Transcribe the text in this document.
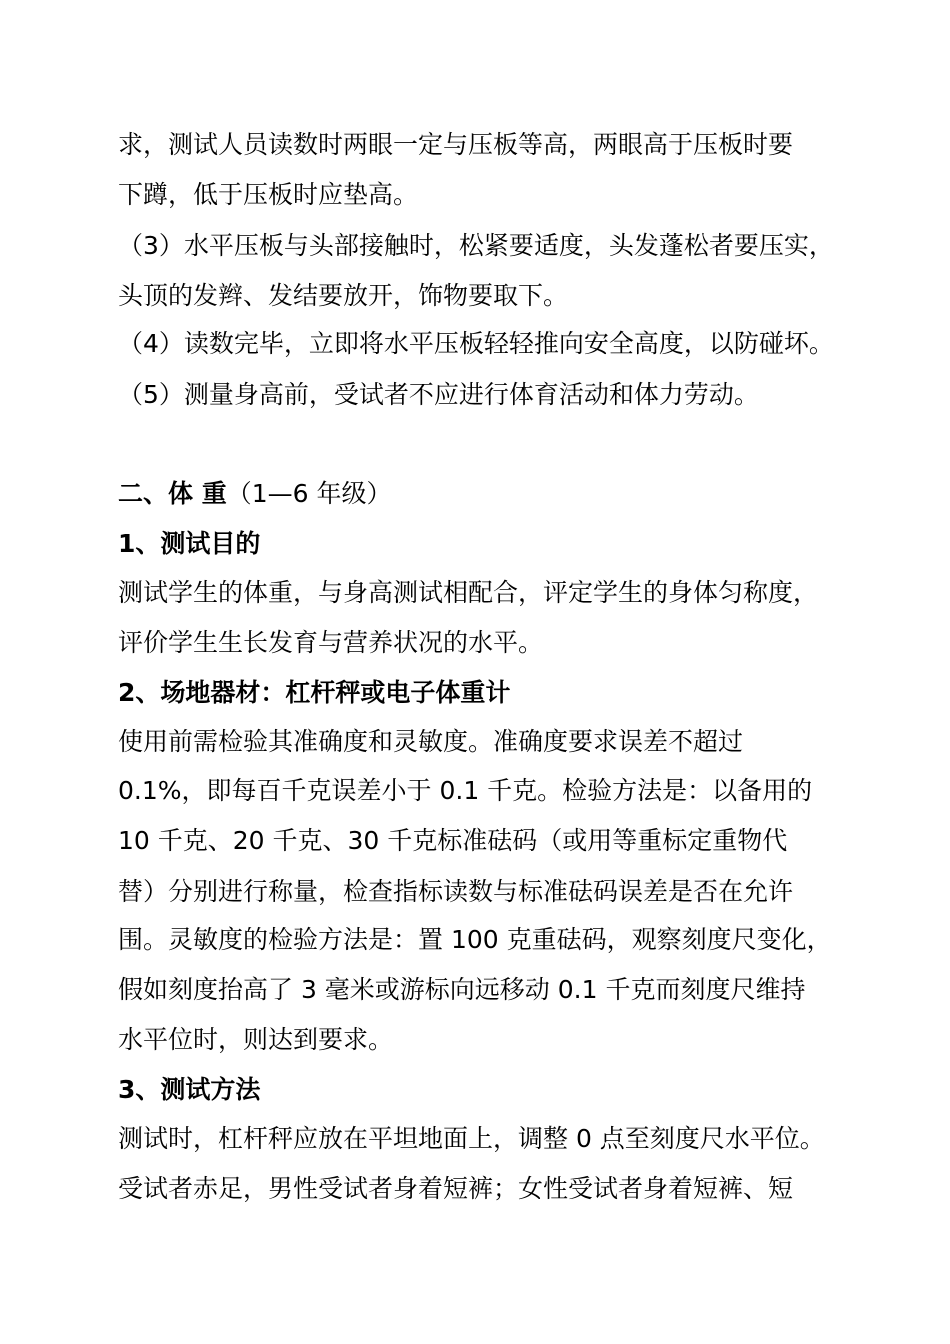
求，测试人员读数时两眼一定与压板等高，两眼高于压板时要
下蹲，低于压板时应垫高。
（3）水平压板与头部接触时，松紧要适度，头发蓬松者要压实，
头顶的发辫、发结要放开，饰物要取下。
（4）读数完毕，立即将水平压板轻轻推向安全高度，以防碰坏。
（5）测量身高前，受试者不应进行体育活动和体力劳动。
二、体 重（1—6 年级）
1、测试目的
测试学生的体重，与身高测试相配合，评定学生的身体匀称度，
评价学生生长发育与营养状况的水平。
2、场地器材：杠杆秤或电子体重计
使用前需检验其准确度和灵敏度。准确度要求误差不超过
0.1%，即每百千克误差小于 0.1 千克。检验方法是：以备用的
10 千克、20 千克、30 千克标准砝码（或用等重标定重物代
替）分别进行称量，检查指标读数与标准砝码误差是否在允许
围。灵敏度的检验方法是：置 100 克重砝码，观察刻度尺变化，
假如刻度抬高了 3 毫米或游标向远移动 0.1 千克而刻度尺维持
水平位时，则达到要求。
3、测试方法
测试时，杠杆秤应放在平坦地面上，调整 0 点至刻度尺水平位。
受试者赤足，男性受试者身着短裤；女性受试者身着短裤、短
